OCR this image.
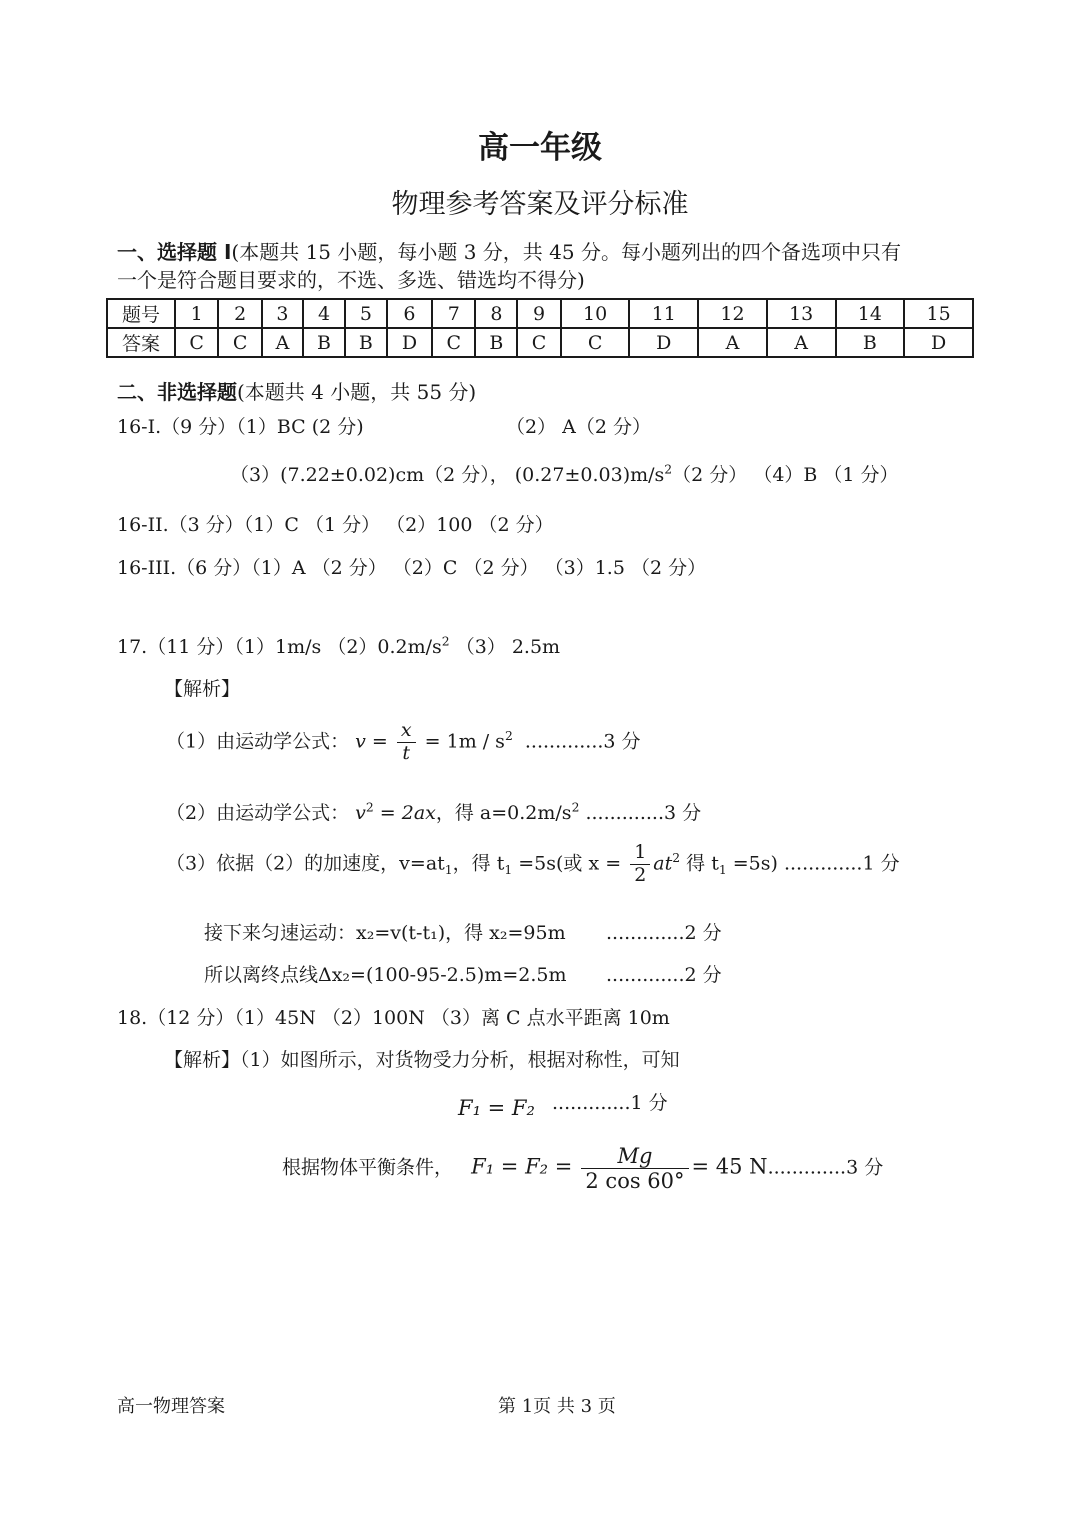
高一年级
物理参考答案及评分标准
一、选择题 I(本题共 15 小题，每小题 3 分，共 45 分。每小题列出的四个备选项中只有
一个是符合题目要求的，不选、多选、错选均不得分)
题号	1	2	3	4	5	6	7	8	9	10	11	12	13	14	15
答案	C	C	A	B	B	D	C	B	C	C	D	A	A	B	D
二、非选择题(本题共 4 小题，共 55 分)
16-I.（9 分）（1）BC (2 分)	（2） A（2 分）
（3）(7.22±0.02)cm（2 分）， $(0.27\pm 0.03)m/s^2(2$ 分） （4）B （1 分）
16-II.（3 分）（1）C （1 分） （2）100 （2 分）
16-III.（6 分）（1）A （2 分） （2）C （2 分） （3）1.5 （2 分）
17.（11 分）（1）1m/s $(2)0.2m/s^2$ （3） 2.5m
【解析】
（1）由运动学公式： $v = \frac{x}{t} = 1m / s^2$ .............3 分
（2）由运动学公式： $v^2 = 2ax$，得 $a=0.2m/s^2$ .............3 分
（3）依据（2）的加速度，$v=at_1$，得 $t_1 =5s$(或 $x = \frac{1}{2} at^2$ 得 $t_1 =5s$) .............1 分
接下来匀速运动：x₂=v(t-t₁)，得 x₂=95m .............2 分
所以离终点线Δx₂=(100-95-2.5)m=2.5m .............2 分
18.（12 分）（1）45N （2）100N （3）离 C 点水平距离 10m
【解析】（1）如图所示，对货物受力分析，根据对称性，可知
F₁ = F₂ .............1 分
根据物体平衡条件， $F_1 = F_2 = \frac{Mg}{2 \cos 60^\circ} = 45$ N.............3 分
高一物理答案	第 1页 共 3 页
